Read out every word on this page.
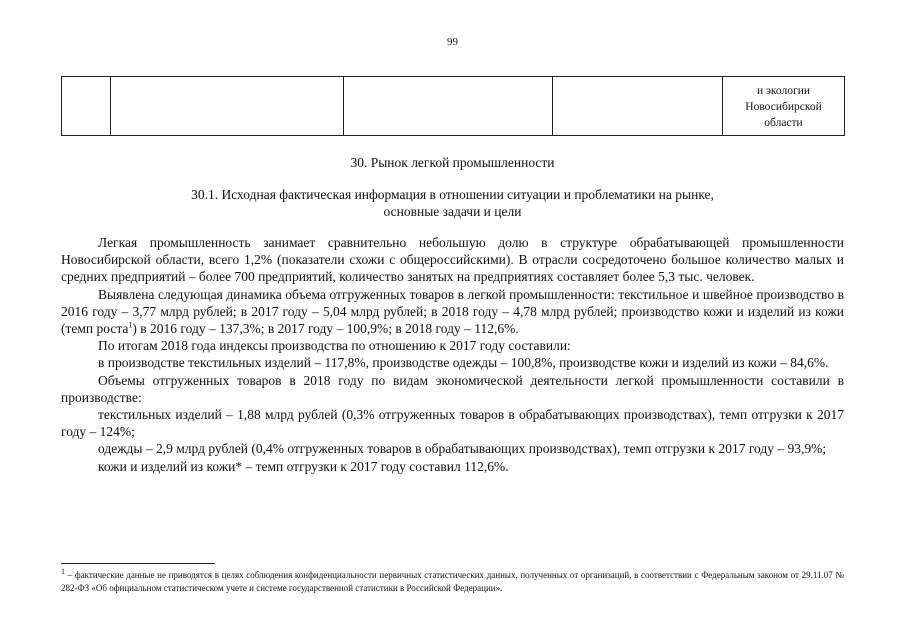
99

и экологии
Новосибирской
области
30. Рынок легкой промышленности
30.1. Исходная фактическая информация в отношении ситуации и проблематики на рынке,
основные задачи и цели

Легкая промышленность занимает сравнительно небольшую долю в структуре обрабатывающей промышленности Новосибирской области, всего 1,2% (показатели схожи с общероссийскими). В отрасли сосредоточено большое количество малых и средних предприятий – более 700 предприятий, количество занятых на предприятиях составляет более 5,3 тыс. человек.

Выявлена следующая динамика объема отгруженных товаров в легкой промышленности: текстильное и швейное производство в 2016 году – 3,77 млрд рублей; в 2017 году – 5,04 млрд рублей; в 2018 году – 4,78 млрд рублей; производство кожи и изделий из кожи (темп роста$^1$) в 2016 году – 137,3%; в 2017 году – 100,9%; в 2018 году – 112,6%.

По итогам 2018 года индексы производства по отношению к 2017 году составили:

в производстве текстильных изделий – 117,8%, производстве одежды – 100,8%, производстве кожи и изделий из кожи – 84,6%.

Объемы отгруженных товаров в 2018 году по видам экономической деятельности легкой промышленности составили в производстве:

текстильных изделий – 1,88 млрд рублей (0,3% отгруженных товаров в обрабатывающих производствах), темп отгрузки к 2017 году – 124%;

одежды – 2,9 млрд рублей (0,4% отгруженных товаров в обрабатывающих производствах), темп отгрузки к 2017 году – 93,9%;

кожи и изделий из кожи* – темп отгрузки к 2017 году составил 112,6%.

$^1$ – фактические данные не приводятся в целях соблюдения конфиденциальности первичных статистических данных, полученных от организаций, в соответствии с Федеральным законом от 29.11.07 № 282-ФЗ «Об официальном статистическом учете и системе государственной статистики в Российской Федерации».
